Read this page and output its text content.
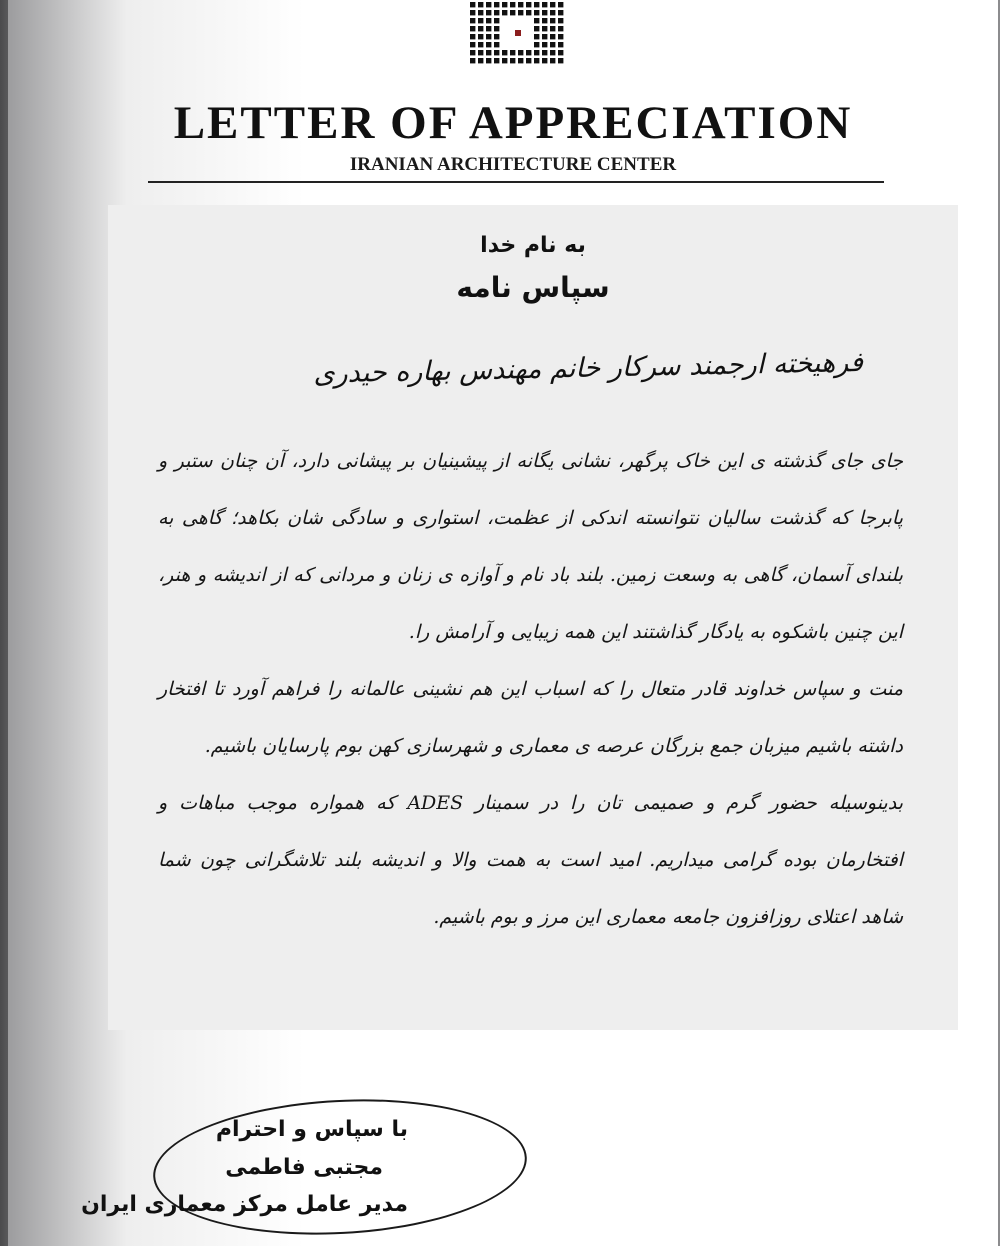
LETTER OF APPRECIATION
IRANIAN ARCHITECTURE CENTER
به نام خدا
سپاس نامه
فرهیخته ارجمند سرکار خانم مهندس بهاره حیدری

جای جای گذشته ی این خاک پرگهر، نشانی یگانه از پیشینیان بر پیشانی دارد، آن چنان ستبر و پابرجا که گذشت سالیان نتوانسته اندکی از عظمت، استواری و سادگی شان بکاهد؛ گاهی به بلندای آسمان، گاهی به وسعت زمین. بلند باد نام و آوازه ی زنان و مردانی که از اندیشه و هنر، این چنین باشکوه به یادگار گذاشتند این همه زیبایی و آرامش را.

منت و سپاس خداوند قادر متعال را که اسباب این هم نشینی عالمانه را فراهم آورد تا افتخار داشته باشیم میزبان جمع بزرگان عرصه ی معماری و شهرسازی کهن بوم پارسایان باشیم.

بدینوسیله حضور گرم و صمیمی تان را در سمینار ADES که همواره موجب مباهات و افتخارمان بوده گرامی میداریم. امید است به همت والا و اندیشه بلند تلاشگرانی چون شما شاهد اعتلای روزافزون جامعه معماری این مرز و بوم باشیم.

با سپاس و احترام
مجتبی فاطمی
مدیر عامل مرکز معماری ایران
